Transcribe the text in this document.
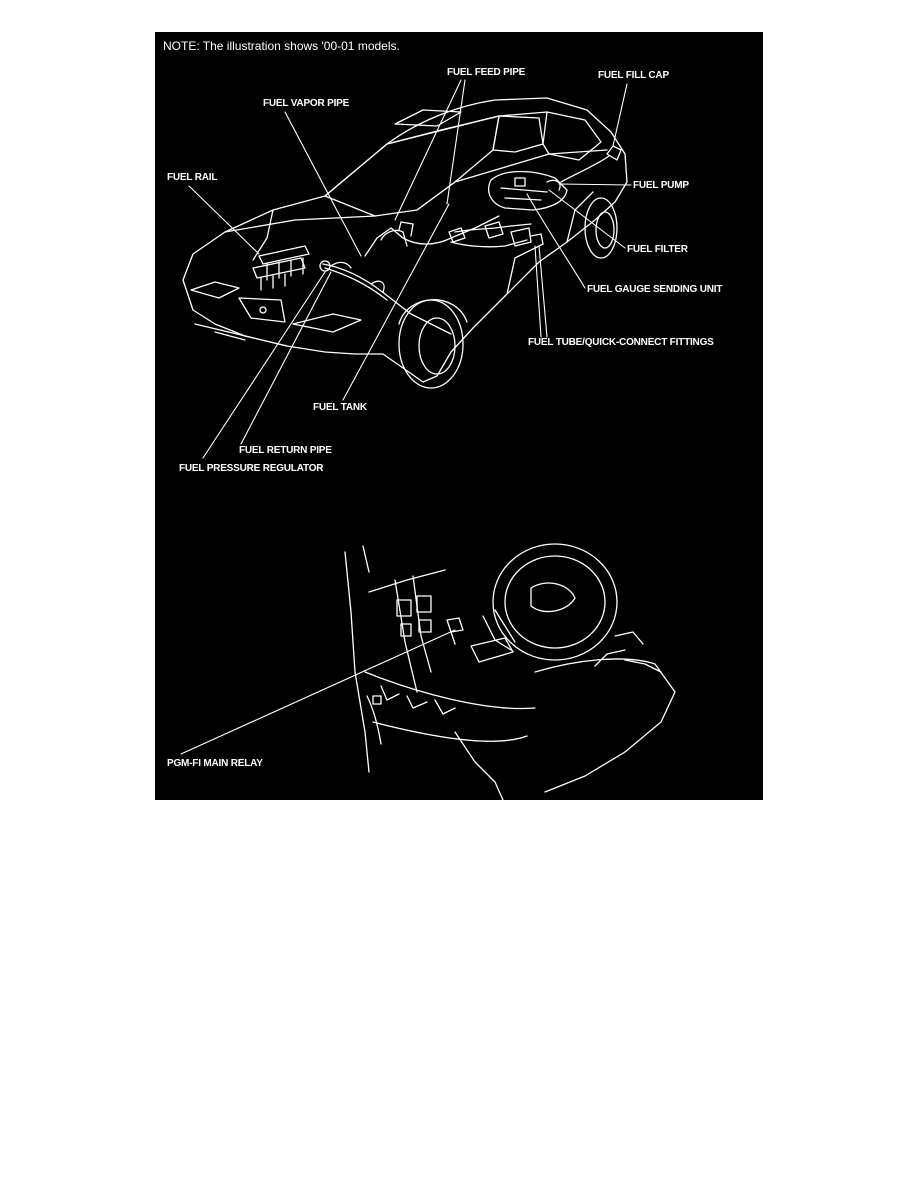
NOTE: The illustration shows '00-01 models.
FUEL FEED PIPE	FUEL FILL CAP
FUEL VAPOR PIPE
FUEL RAIL
FUEL PUMP
FUEL FILTER
FUEL GAUGE SENDING UNIT
FUEL TUBE/QUICK-CONNECT FITTINGS
FUEL TANK
FUEL RETURN PIPE
FUEL PRESSURE REGULATOR
PGM-FI MAIN RELAY
